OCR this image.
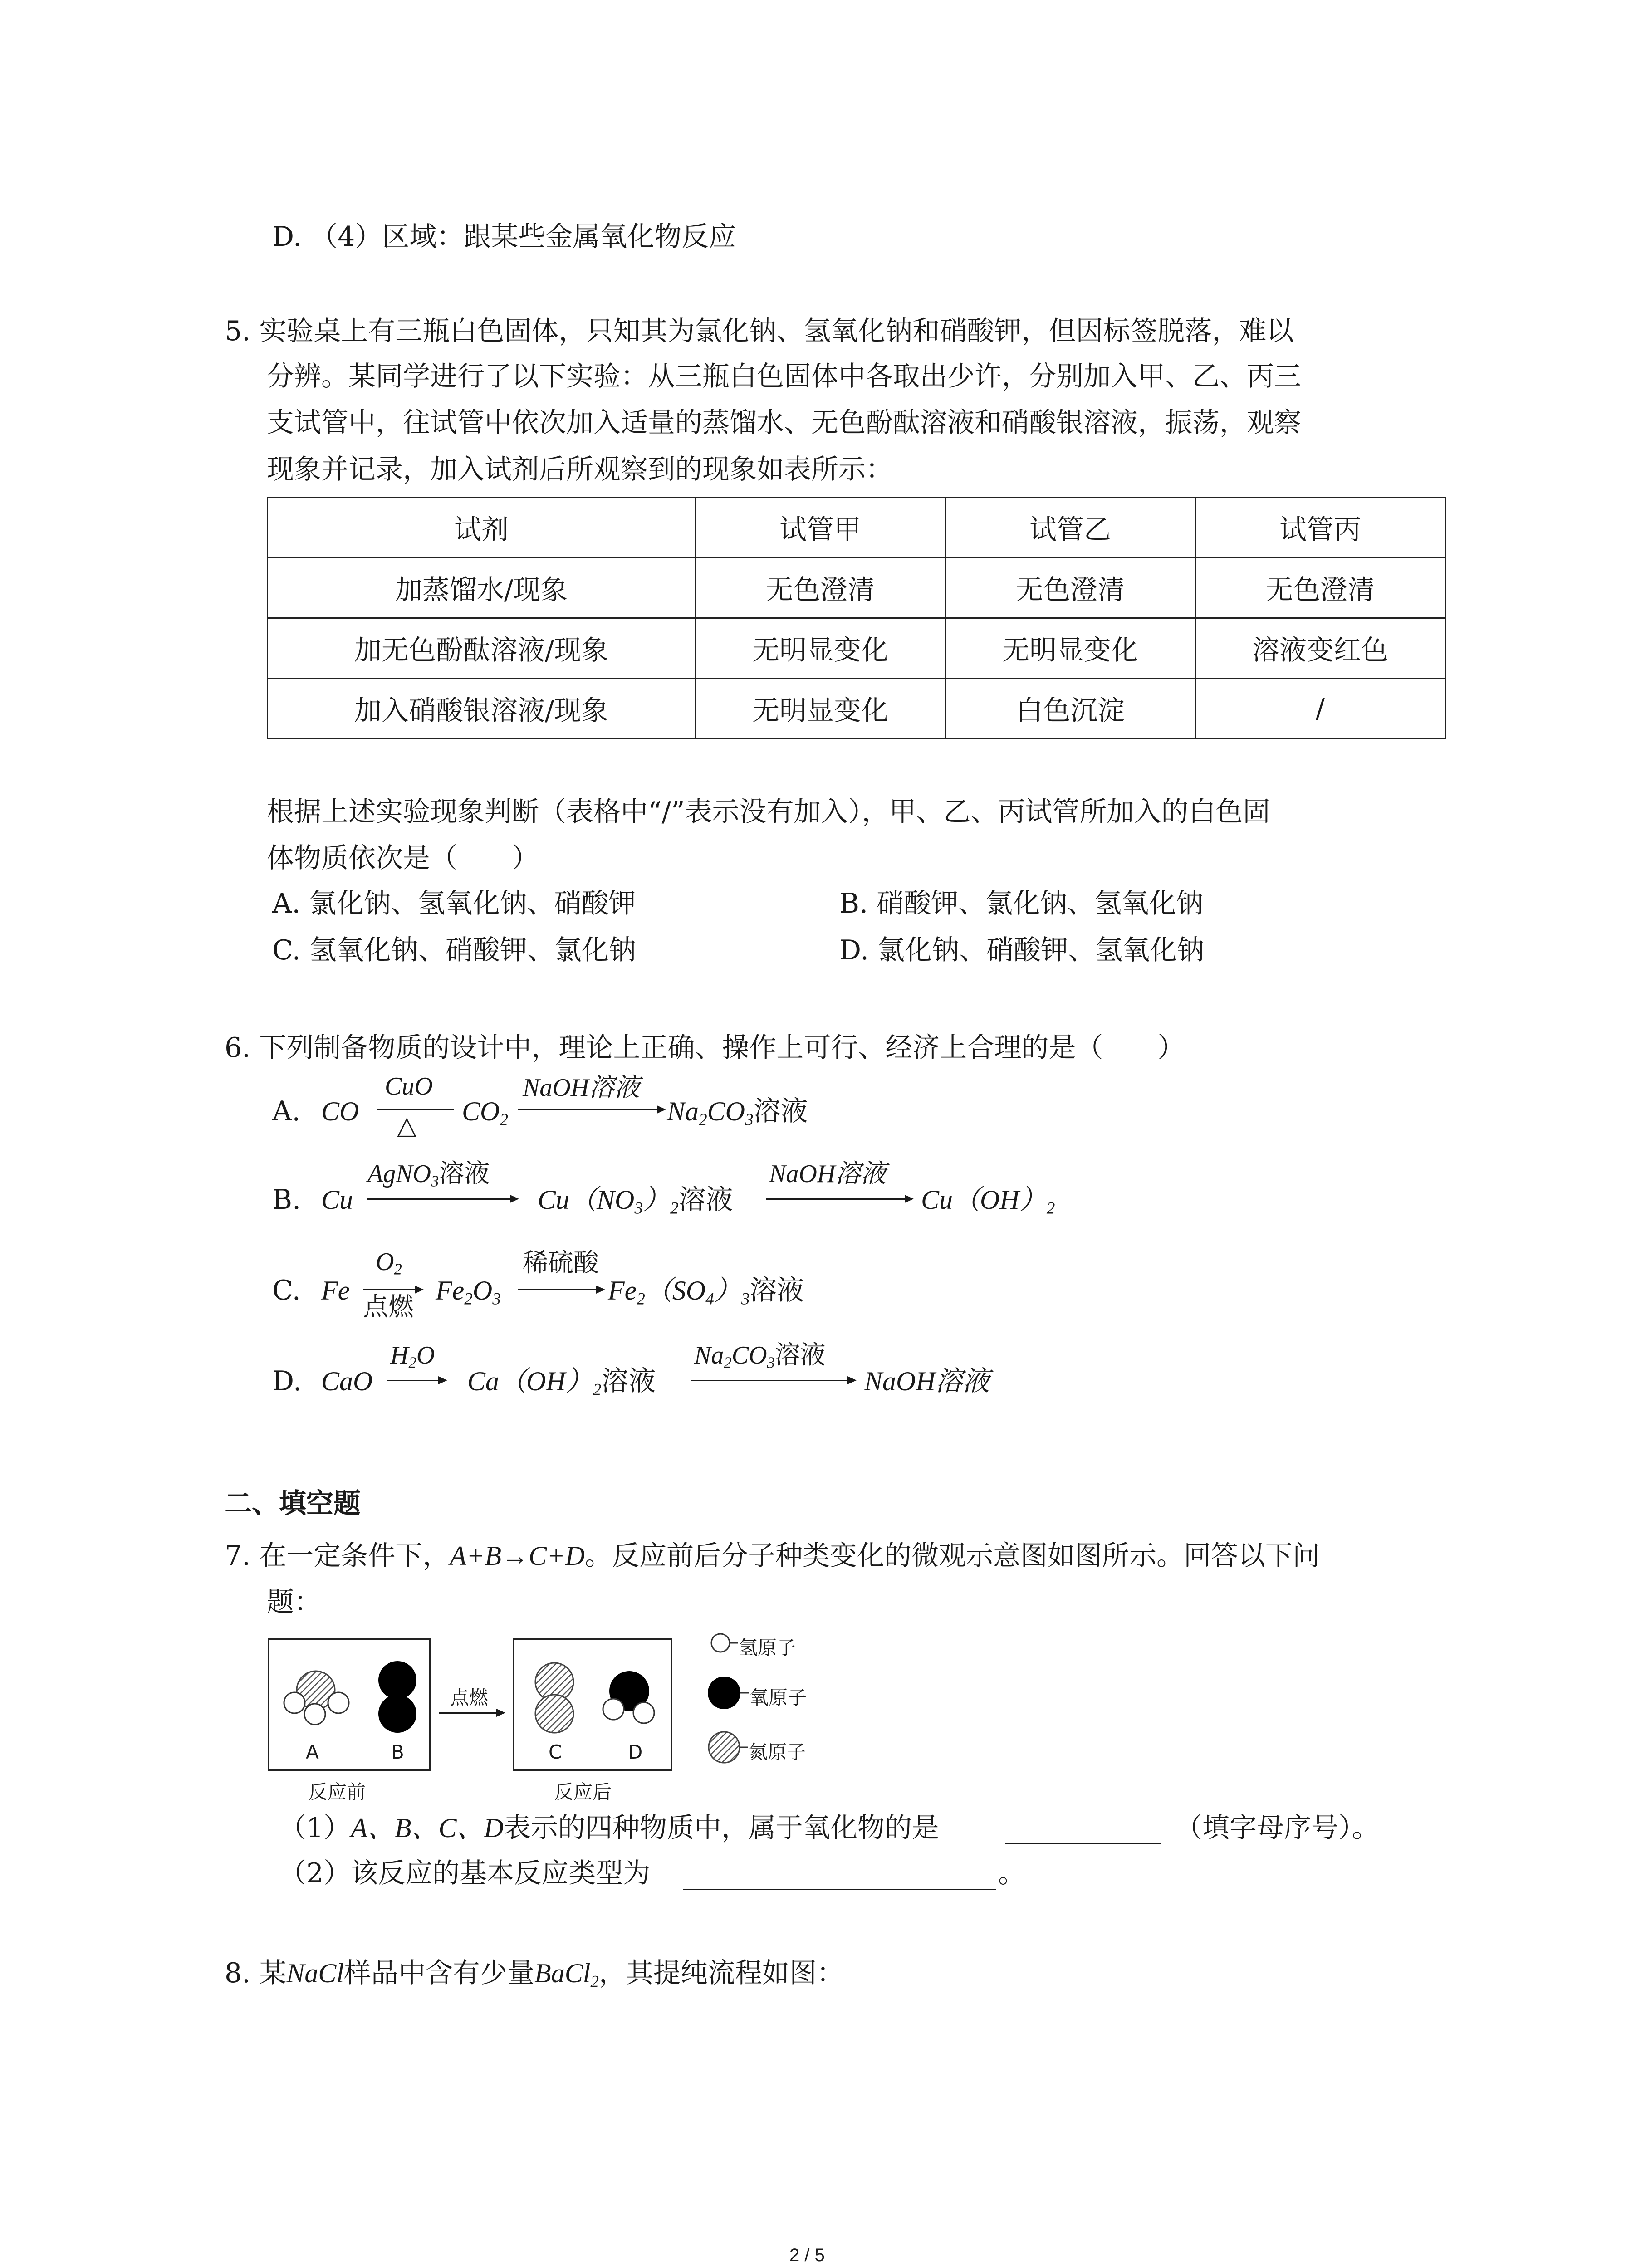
D. （4）区域：跟某些金属氧化物反应
5. 实验桌上有三瓶白色固体，只知其为氯化钠、氢氧化钠和硝酸钾，但因标签脱落，难以
分辨。某同学进行了以下实验：从三瓶白色固体中各取出少许，分别加入甲、乙、丙三
支试管中，往试管中依次加入适量的蒸馏水、无色酚酞溶液和硝酸银溶液，振荡，观察
现象并记录，加入试剂后所观察到的现象如表所示：
试剂	试管甲	试管乙	试管丙
加蒸馏水/现象	无色澄清	无色澄清	无色澄清
加无色酚酞溶液/现象	无明显变化	无明显变化	溶液变红色
加入硝酸银溶液/现象	无明显变化	白色沉淀	/
根据上述实验现象判断（表格中“/”表示没有加入），甲、乙、丙试管所加入的白色固
体物质依次是（　　）
A. 氯化钠、氢氧化钠、硝酸钾	B. 硝酸钾、氯化钠、氢氧化钠
C. 氢氧化钠、硝酸钾、氯化钠	D. 氯化钠、硝酸钾、氢氧化钠
6. 下列制备物质的设计中，理论上正确、操作上可行、经济上合理的是（　　）
A. CO
CuO
△ $CO_2$
NaOH溶液
$Na_2CO_3$溶液
B. Cu
AgNO$_3$溶液
$Cu(NO_3)_2$溶液
NaOH溶液
$Cu(OH)_2$
C. Fe
$O_2$
点燃
$Fe_2O_3$
稀硫酸
$Fe_2(SO_4)_3$溶液
D. CaO
$H_2O$
$Ca(OH)_2$溶液
$Na_2CO_3$溶液
NaOH溶液
二、填空题
7. 在一定条件下，A+B→C+D。反应前后分子种类变化的微观示意图如图所示。回答以下问
题：
A	B
反应前
点燃
C	D
反应后
氢原子
氧原子
氮原子
（1）A、B、C、D表示的四种物质中，属于氧化物的是	（填字母序号）。
（2）该反应的基本反应类型为	。
8. 某NaCl样品中含有少量BaCl$_2$，其提纯流程如图：
2 / 5
